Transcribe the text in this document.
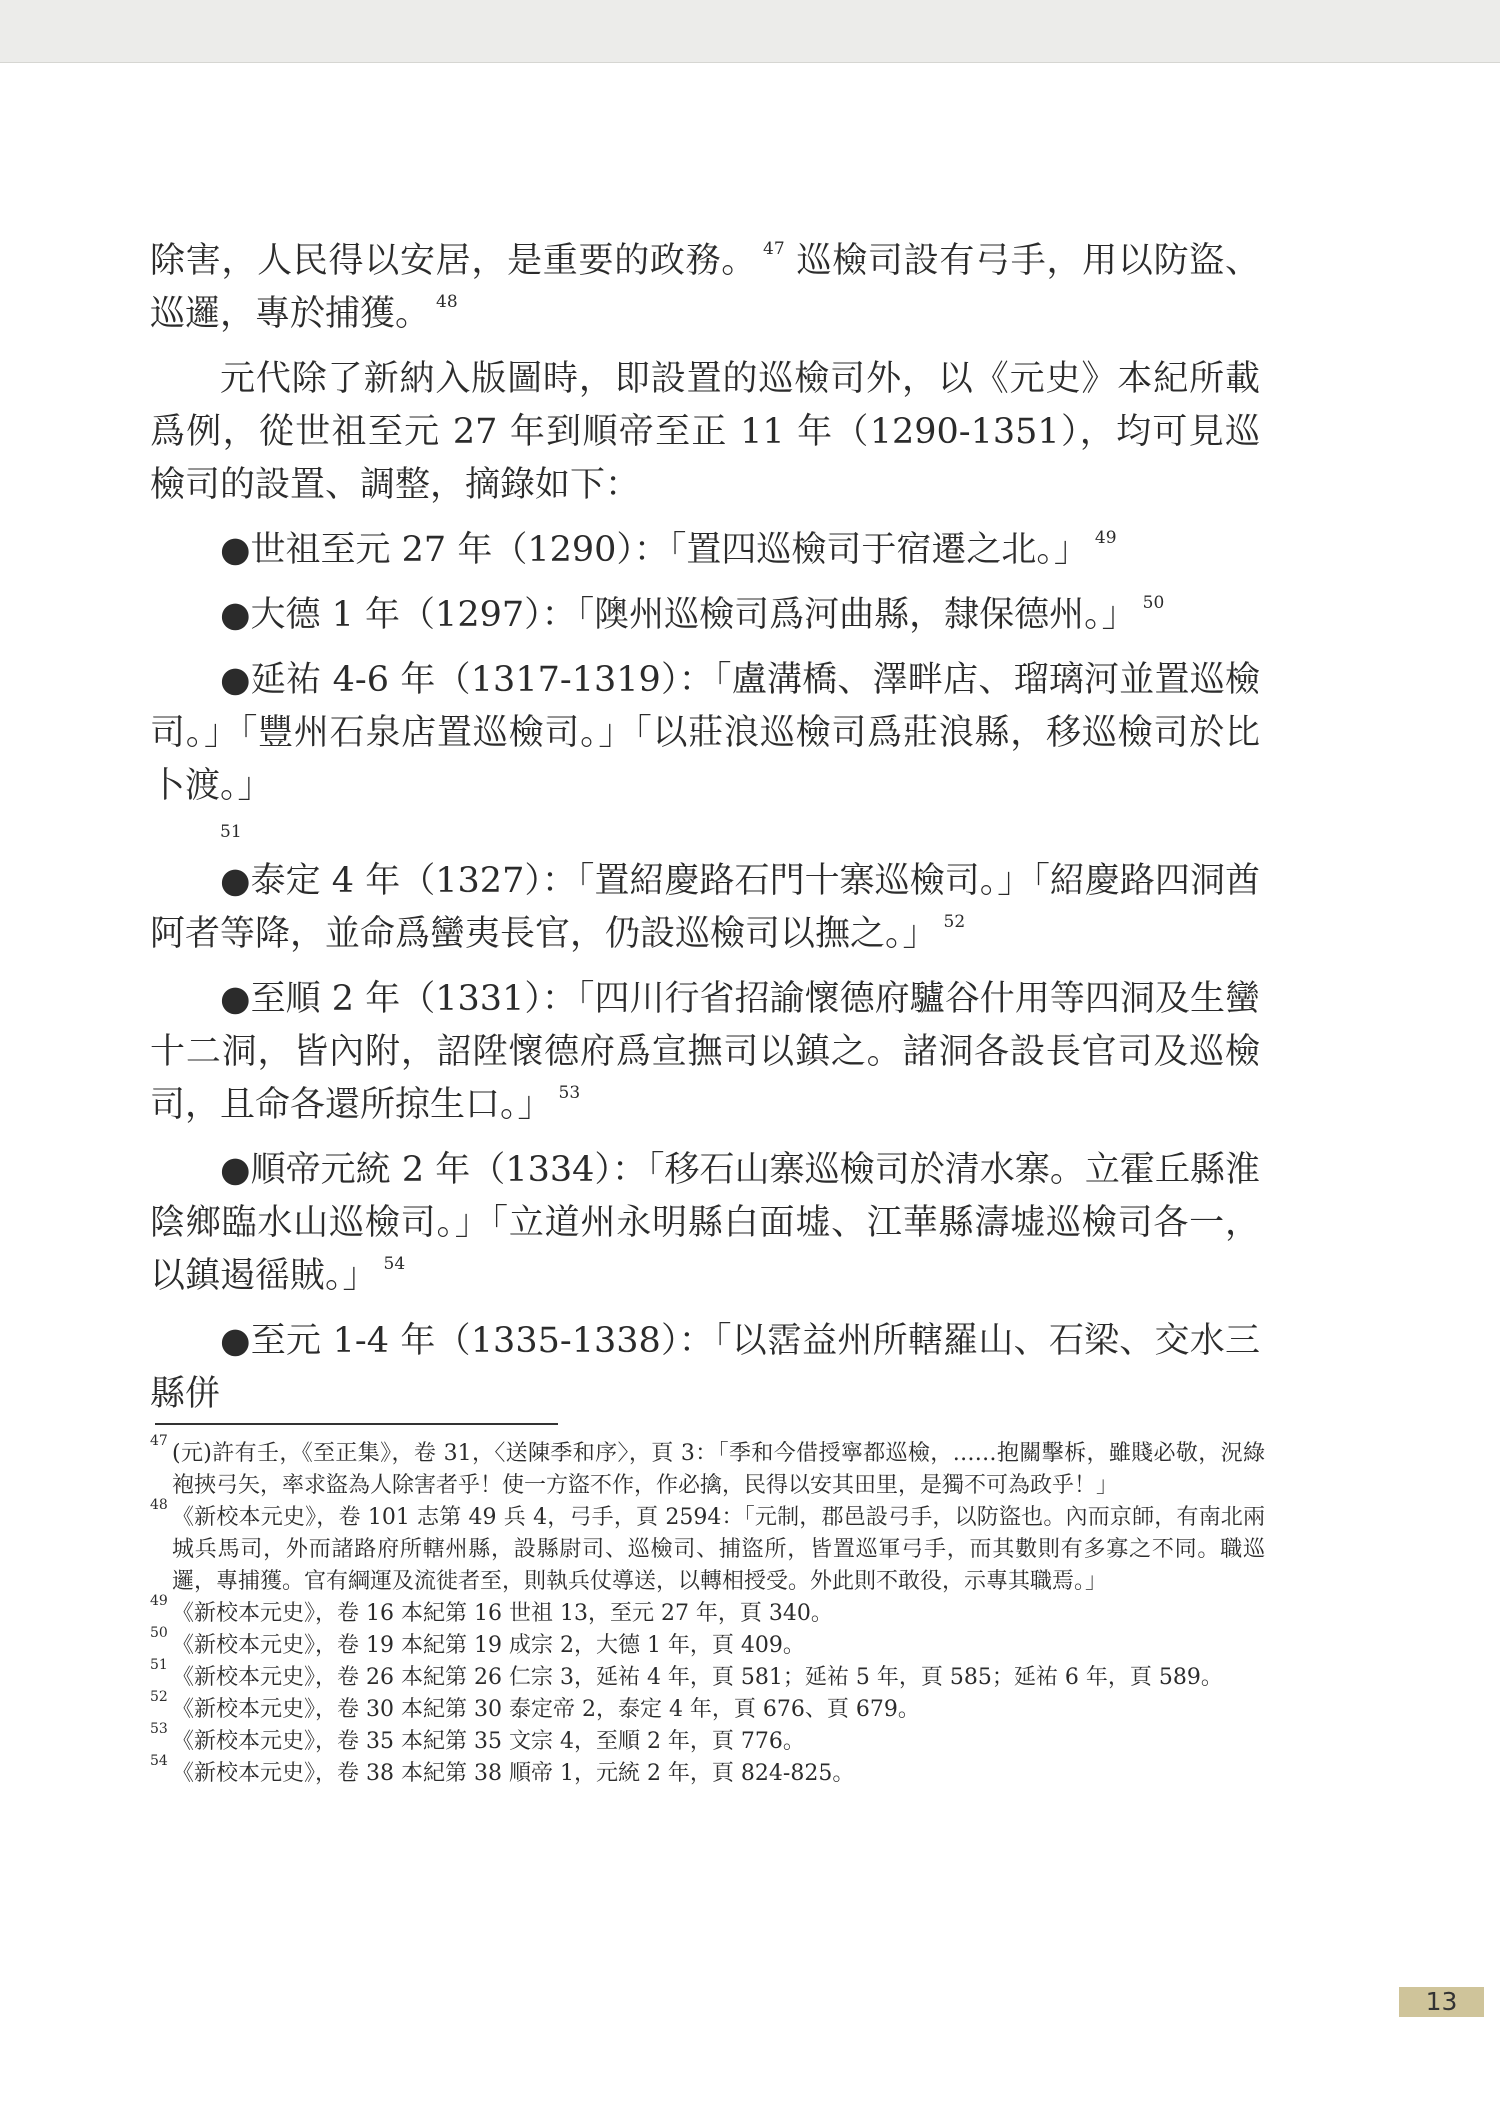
除害，人民得以安居，是重要的政務。 $^{47}$ 巡檢司設有弓手，用以防盜、巡邏，專於捕獲。 $^{48}$

元代除了新納入版圖時，即設置的巡檢司外，以《元史》本紀所載爲例，從世祖至元 27 年到順帝至正 11 年（1290-1351），均可見巡檢司的設置、調整，摘錄如下：

●世祖至元 27 年（1290）：「置四巡檢司于宿遷之北。」 $^{49}$

●大德 1 年（1297）：「隩州巡檢司爲河曲縣，隸保德州。」 $^{50}$

●延祐 4-6 年（1317-1319）：「盧溝橋、澤畔店、瑠璃河並置巡檢司。」「豐州石泉店置巡檢司。」「以莊浪巡檢司爲莊浪縣，移巡檢司於比卜渡。」
51

●泰定 4 年（1327）：「置紹慶路石門十寨巡檢司。」「紹慶路四洞酋阿者等降，並命爲蠻夷長官，仍設巡檢司以撫之。」 $^{52}$

●至順 2 年（1331）：「四川行省招諭懷德府驢谷什用等四洞及生蠻十二洞，皆內附，詔陞懷德府爲宣撫司以鎮之。諸洞各設長官司及巡檢司，且命各還所掠生口。」 $^{53}$

●順帝元統 2 年（1334）：「移石山寨巡檢司於清水寨。立霍丘縣淮陰鄉臨水山巡檢司。」「立道州永明縣白面墟、江華縣濤墟巡檢司各一，以鎮遏徭賊。」 $^{54}$

●至元 1-4 年（1335-1338）：「以霑益州所轄羅山、石梁、交水三縣併

47 (元)許有壬，《至正集》，卷 31，〈送陳季和序〉，頁 3：「季和今借授寧都巡檢，……抱關擊柝，雖賤必敬，況綠袍挾弓矢，率求盜為人除害者乎！使一方盜不作，作必擒，民得以安其田里，是獨不可為政乎！」

48 《新校本元史》，卷 101 志第 49 兵 4，弓手，頁 2594：「元制，郡邑設弓手，以防盜也。內而京師，有南北兩城兵馬司，外而諸路府所轄州縣，設縣尉司、巡檢司、捕盜所，皆置巡軍弓手，而其數則有多寡之不同。職巡邏，專捕獲。官有綱運及流徙者至，則執兵仗導送，以轉相授受。外此則不敢役，示專其職焉。」

49 《新校本元史》，卷 16 本紀第 16 世祖 13，至元 27 年，頁 340。

50 《新校本元史》，卷 19 本紀第 19 成宗 2，大德 1 年，頁 409。

51 《新校本元史》，卷 26 本紀第 26 仁宗 3，延祐 4 年，頁 581；延祐 5 年，頁 585；延祐 6 年，頁 589。

52 《新校本元史》，卷 30 本紀第 30 泰定帝 2，泰定 4 年，頁 676、頁 679。

53 《新校本元史》，卷 35 本紀第 35 文宗 4，至順 2 年，頁 776。

54 《新校本元史》，卷 38 本紀第 38 順帝 1，元統 2 年，頁 824-825。

13
